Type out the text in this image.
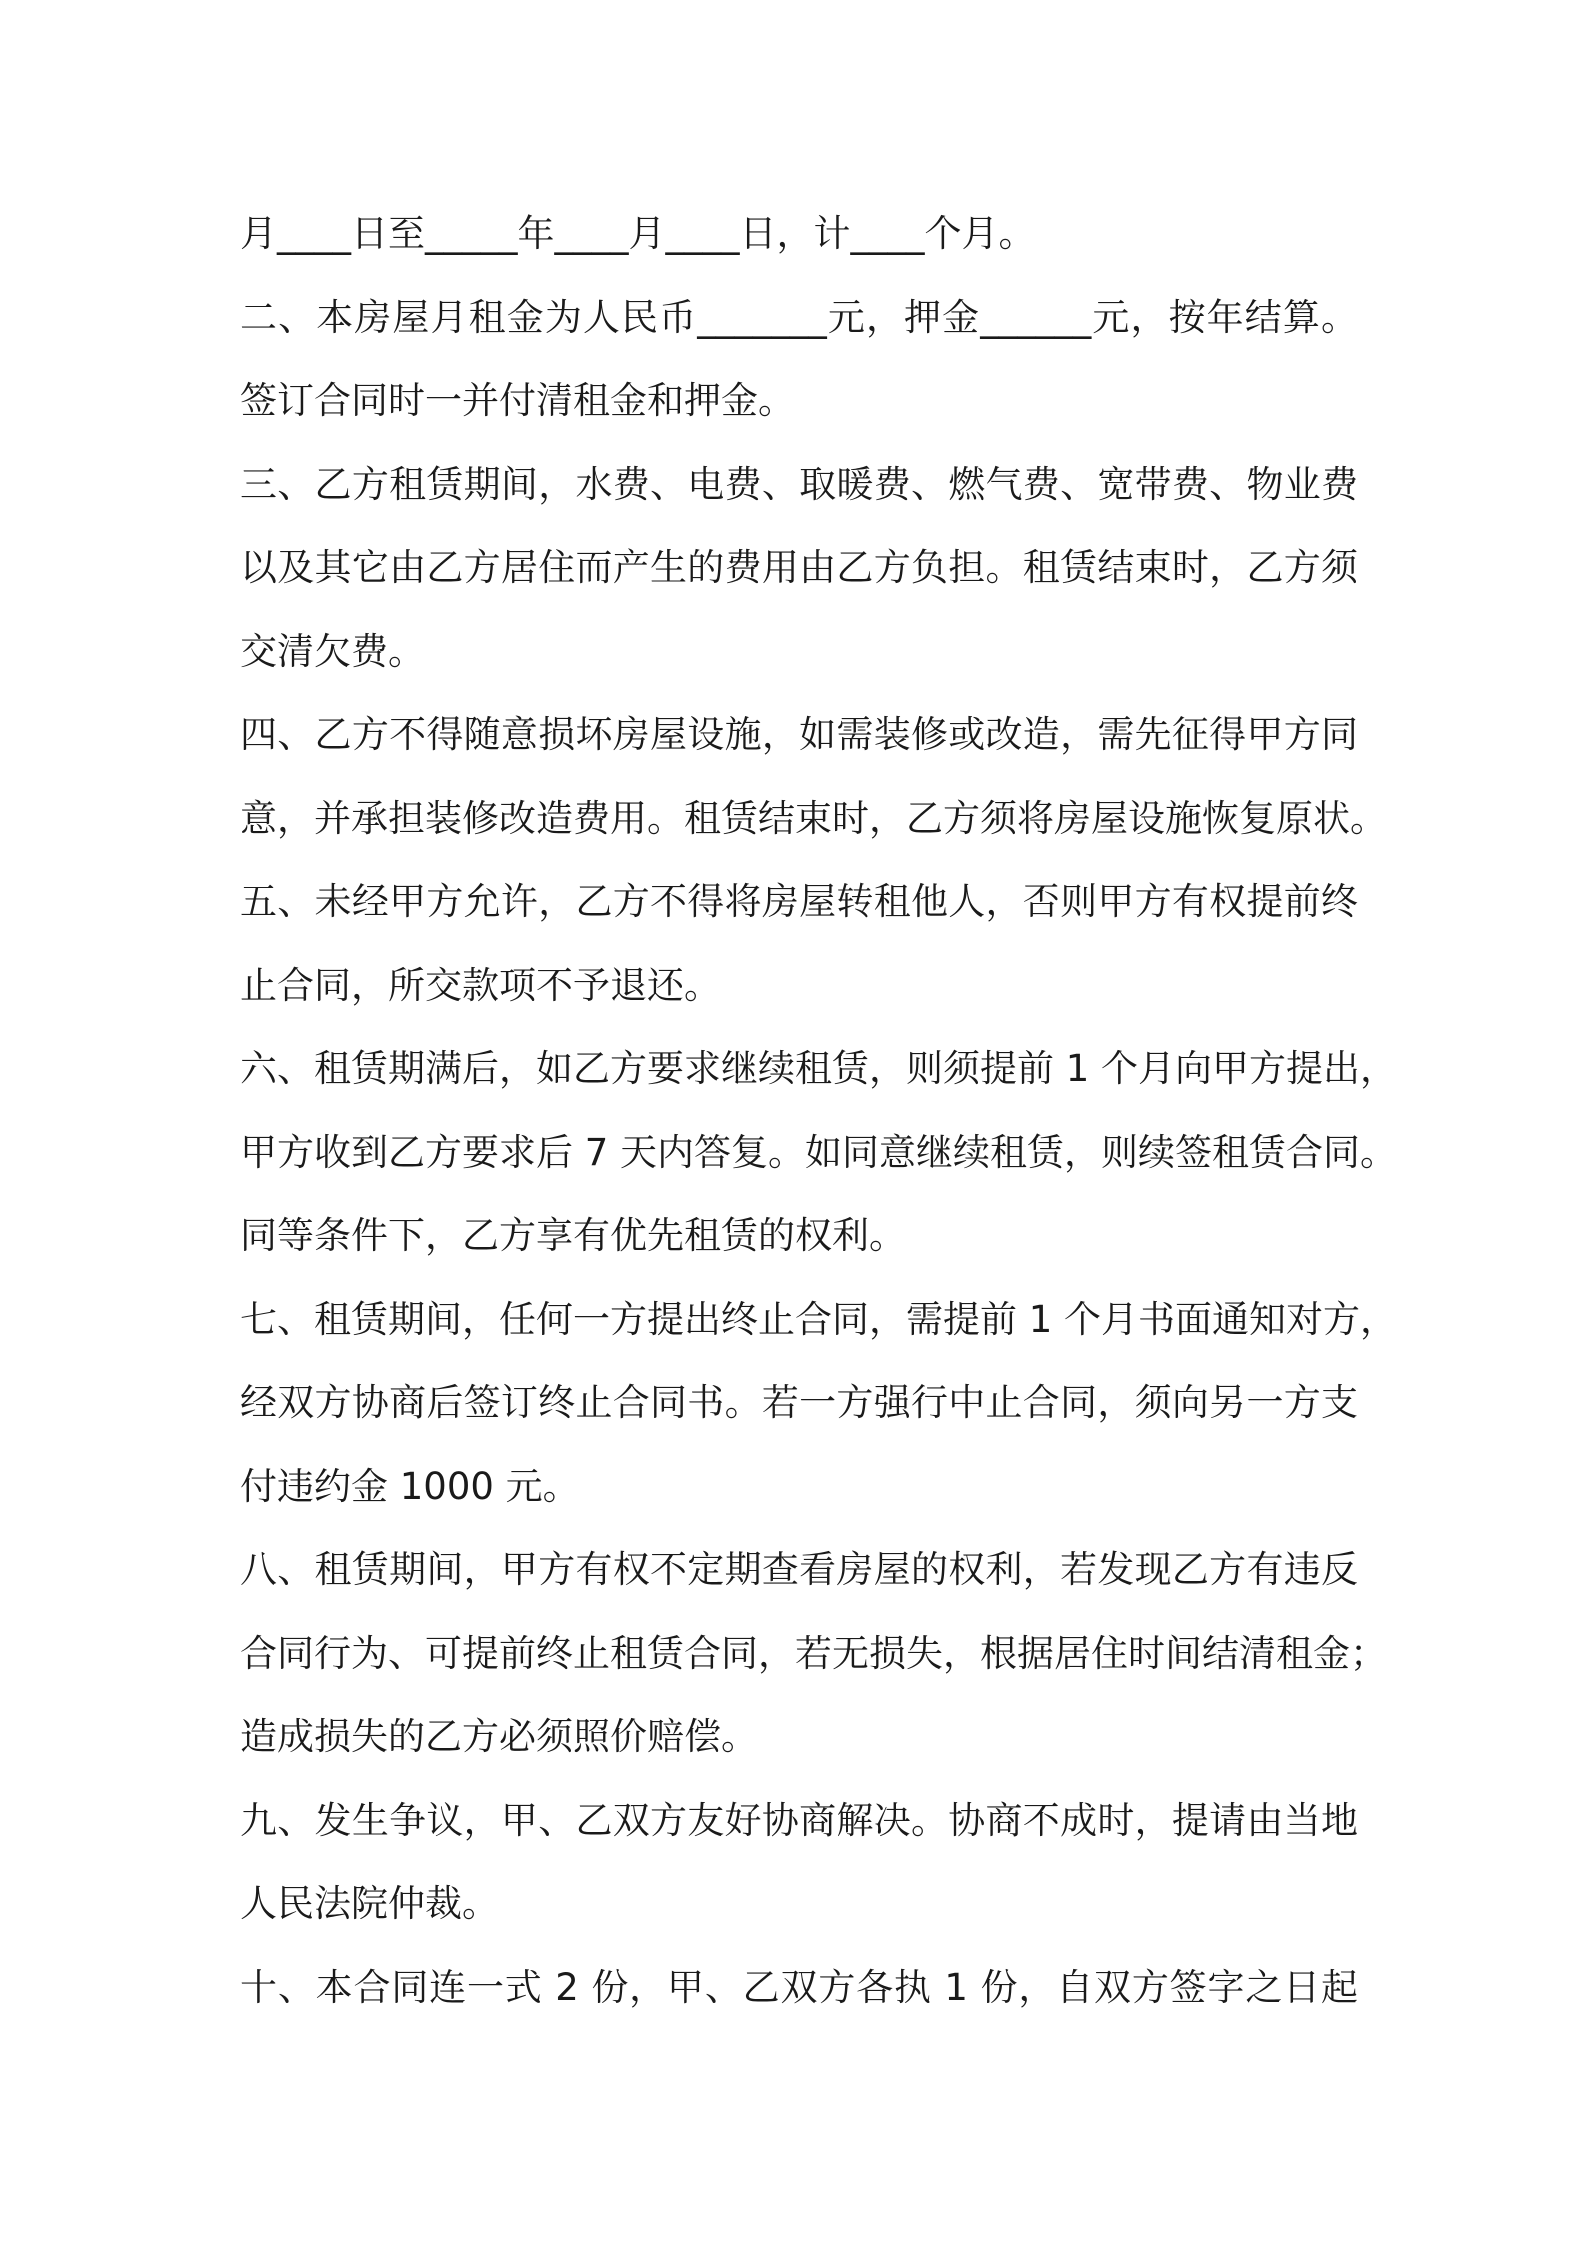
月____日至_____年____月____日，计____个月。
二、本房屋月租金为人民币_______元，押金______元，按年结算。
签订合同时一并付清租金和押金。
三、乙方租赁期间，水费、电费、取暖费、燃气费、宽带费、物业费
以及其它由乙方居住而产生的费用由乙方负担。租赁结束时，乙方须
交清欠费。
四、乙方不得随意损坏房屋设施，如需装修或改造，需先征得甲方同
意，并承担装修改造费用。租赁结束时，乙方须将房屋设施恢复原状。
五、未经甲方允许，乙方不得将房屋转租他人，否则甲方有权提前终
止合同，所交款项不予退还。
六、租赁期满后，如乙方要求继续租赁，则须提前 1 个月向甲方提出，
甲方收到乙方要求后 7 天内答复。如同意继续租赁，则续签租赁合同。
同等条件下，乙方享有优先租赁的权利。
七、租赁期间，任何一方提出终止合同，需提前 1 个月书面通知对方，
经双方协商后签订终止合同书。若一方强行中止合同，须向另一方支
付违约金 1000 元。
八、租赁期间，甲方有权不定期查看房屋的权利，若发现乙方有违反
合同行为、可提前终止租赁合同，若无损失，根据居住时间结清租金；
造成损失的乙方必须照价赔偿。
九、发生争议，甲、乙双方友好协商解决。协商不成时，提请由当地
人民法院仲裁。
十、本合同连一式 2 份，甲、乙双方各执 1 份，自双方签字之日起
